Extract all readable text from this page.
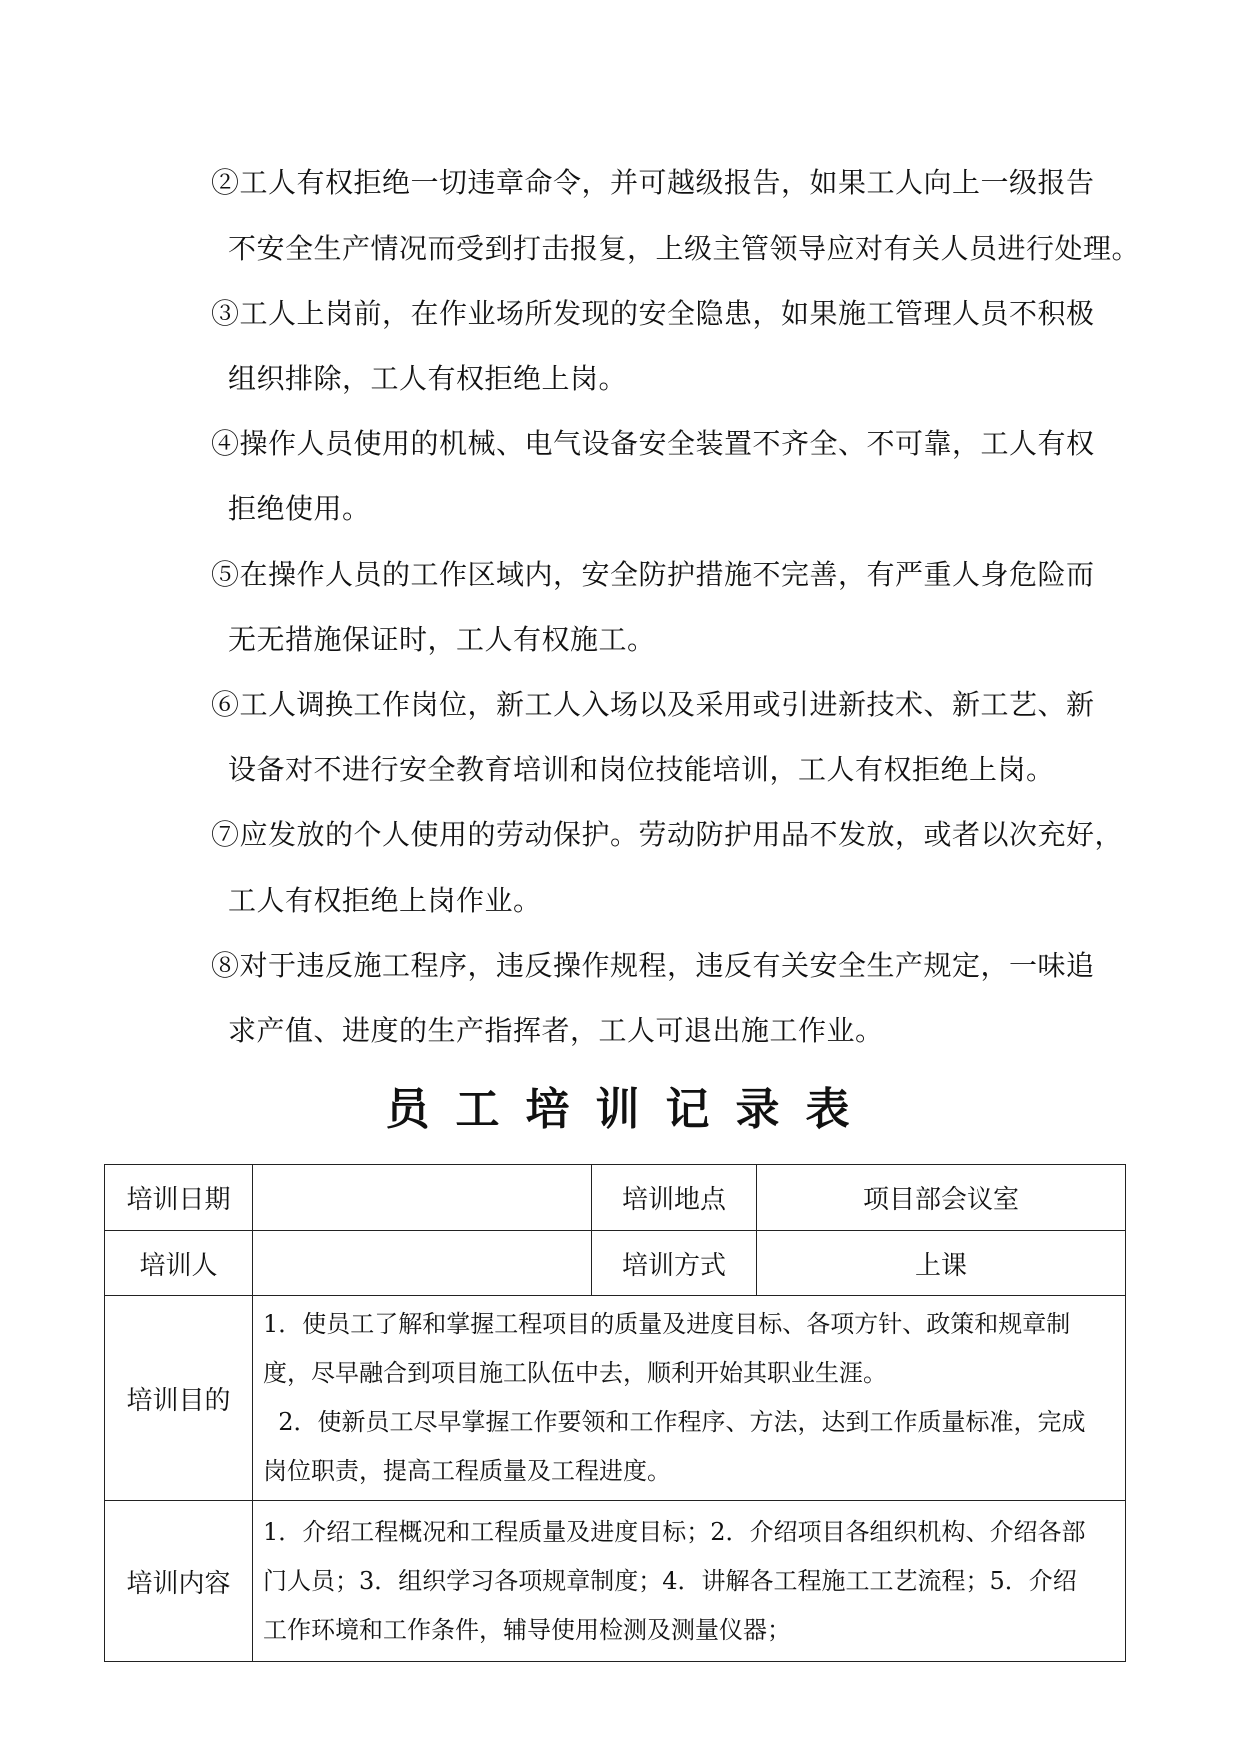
②工人有权拒绝一切违章命令，并可越级报告，如果工人向上一级报告
不安全生产情况而受到打击报复，上级主管领导应对有关人员进行处理。
③工人上岗前，在作业场所发现的安全隐患，如果施工管理人员不积极
组织排除，工人有权拒绝上岗。
④操作人员使用的机械、电气设备安全装置不齐全、不可靠，工人有权
拒绝使用。
⑤在操作人员的工作区域内，安全防护措施不完善，有严重人身危险而
无无措施保证时，工人有权施工。
⑥工人调换工作岗位，新工人入场以及采用或引进新技术、新工艺、新
设备对不进行安全教育培训和岗位技能培训，工人有权拒绝上岗。
⑦应发放的个人使用的劳动保护。劳动防护用品不发放，或者以次充好，
工人有权拒绝上岗作业。
⑧对于违反施工程序，违反操作规程，违反有关安全生产规定，一味追
求产值、进度的生产指挥者，工人可退出施工作业。
员工培训记录表
培训日期		培训地点	项目部会议室
培训人		培训方式	上课
培训目的	1．使员工了解和掌握工程项目的质量及进度目标、各项方针、政策和规章制
度，尽早融合到项目施工队伍中去，顺利开始其职业生涯。
2．使新员工尽早掌握工作要领和工作程序、方法，达到工作质量标准，完成
岗位职责，提高工程质量及工程进度。		

培训内容	1．介绍工程概况和工程质量及进度目标；2．介绍项目各组织机构、介绍各部
门人员；3．组织学习各项规章制度；4．讲解各工程施工工艺流程；5．介绍
工作环境和工作条件，辅导使用检测及测量仪器；		
